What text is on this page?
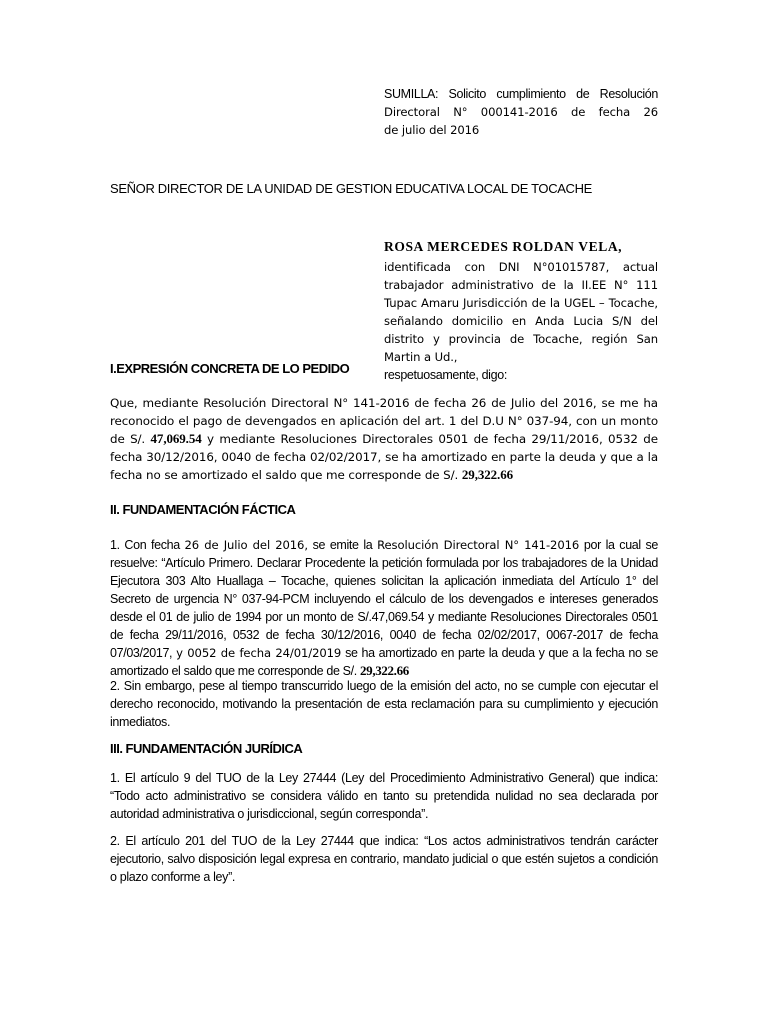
SUMILLA: Solicito cumplimiento de Resolución
Directoral N° 000141-2016 de fecha 26
de julio del 2016
SEÑOR DIRECTOR DE LA UNIDAD DE GESTION EDUCATIVA LOCAL DE TOCACHE
ROSA MERCEDES ROLDAN VELA,
identificada con DNI N°01015787, actual trabajador administrativo de la II.EE N° 111 Tupac Amaru Jurisdicción de la UGEL – Tocache, señalando domicilio en Anda Lucia S/N del distrito y provincia de Tocache, región San Martin a Ud.,
respetuosamente, digo:
I.EXPRESIÓN CONCRETA DE LO PEDIDO
Que, mediante Resolución Directoral N° 141-2016 de fecha 26 de Julio del 2016, se me ha reconocido el pago de devengados en aplicación del art. 1 del D.U N° 037-94, con un monto de S/. 47,069.54 y mediante Resoluciones Directorales 0501 de fecha 29/11/2016, 0532 de fecha 30/12/2016, 0040 de fecha 02/02/2017, se ha amortizado en parte la deuda y que a la fecha no se amortizado el saldo que me corresponde de S/. 29,322.66
II. FUNDAMENTACIÓN FÁCTICA
1. Con fecha 26 de Julio del 2016, se emite la Resolución Directoral N° 141-2016 por la cual se resuelve: “Artículo Primero. Declarar Procedente la petición formulada por los trabajadores de la Unidad Ejecutora 303 Alto Huallaga – Tocache, quienes solicitan la aplicación inmediata del Artículo 1° del Secreto de urgencia N° 037-94-PCM incluyendo el cálculo de los devengados e intereses generados desde el 01 de julio de 1994 por un monto de S/.47,069.54 y mediante Resoluciones Directorales 0501 de fecha 29/11/2016, 0532 de fecha 30/12/2016, 0040 de fecha 02/02/2017, 0067-2017 de fecha 07/03/2017, y 0052 de fecha 24/01/2019 se ha amortizado en parte la deuda y que a la fecha no se amortizado el saldo que me corresponde de S/. 29,322.66
2. Sin embargo, pese al tiempo transcurrido luego de la emisión del acto, no se cumple con ejecutar el derecho reconocido, motivando la presentación de esta reclamación para su cumplimiento y ejecución inmediatos.
III. FUNDAMENTACIÓN JURÍDICA
1. El artículo 9 del TUO de la Ley 27444 (Ley del Procedimiento Administrativo General) que indica: “Todo acto administrativo se considera válido en tanto su pretendida nulidad no sea declarada por autoridad administrativa o jurisdiccional, según corresponda”.
2. El artículo 201 del TUO de la Ley 27444 que indica: “Los actos administrativos tendrán carácter ejecutorio, salvo disposición legal expresa en contrario, mandato judicial o que estén sujetos a condición o plazo conforme a ley”.
